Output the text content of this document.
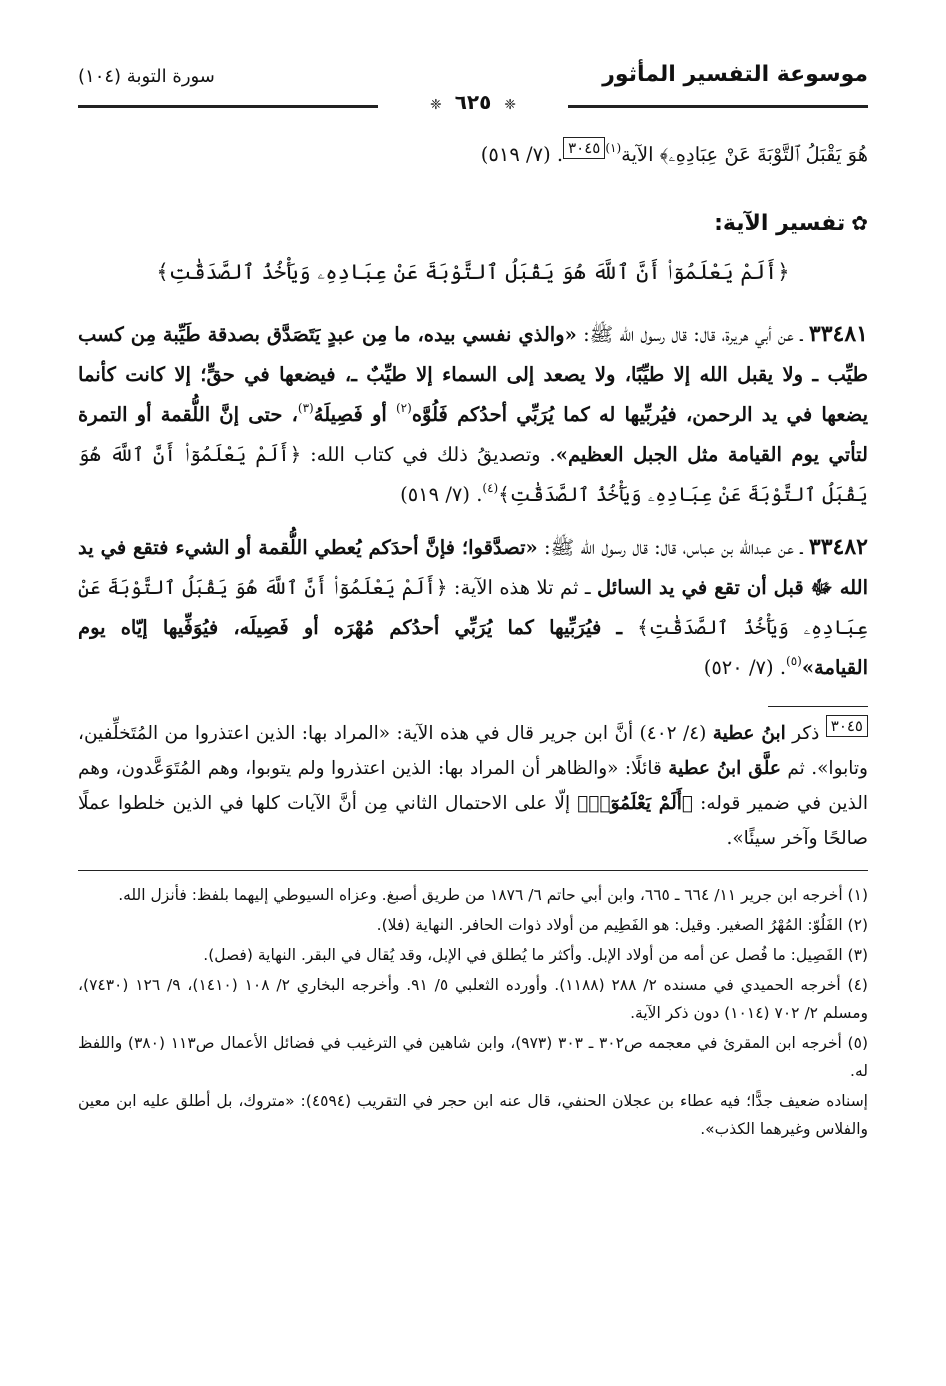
موسوعة التفسير المأثور
سورة التوبة (١٠٤)
❈ ٦٢٥ ❈

هُوَ يَقْبَلُ ٱلتَّوْبَةَ عَنْ عِبَادِهِۦ﴾ الآية$^{(١)}$٣٠٤٥. (٧/ ٥١٩)

✿تفسير الآية:
﴿أَلَمْ يَعْلَمُوٓا۟ أَنَّ ٱللَّهَ هُوَ يَقْبَلُ ٱلتَّوْبَةَ عَنْ عِبَادِهِۦ وَيَأْخُذُ ٱلصَّدَقَٰتِ﴾

٣٣٤٨١ ـ عن أبي هريرة، قال: قال رسول الله ﷺ: «والذي نفسي بيده، ما مِن عبدٍ يَتَصَدَّق بصدقة طَيِّبة مِن كسب طيِّب ـ ولا يقبل الله إلا طيِّبًا، ولا يصعد إلى السماء إلا طيِّبٌ ـ، فيضعها في حقٍّ؛ إلا كانت كأنما يضعها في يد الرحمن، فيُربِّيها له كما يُرَبِّي أحدُكم فَلُوَّه$^{(٢)}$ أو فَصِيلَهُ$^{(٣)}$، حتى إنَّ اللُّقمة أو التمرة لتأتي يوم القيامة مثل الجبل العظيم». وتصديقُ ذلك في كتاب الله: ﴿أَلَمْ يَعْلَمُوٓا۟ أَنَّ ٱللَّهَ هُوَ يَقْبَلُ ٱلتَّوْبَةَ عَنْ عِبَادِهِۦ وَيَأْخُذُ ٱلصَّدَقَٰتِ﴾$^{(٤)}$. (٧/ ٥١٩)

٣٣٤٨٢ ـ عن عبدالله بن عباس، قال: قال رسول الله ﷺ: «تصدَّقوا؛ فإنَّ أحدَكم يُعطي اللُّقمة أو الشيء فتقع في يد الله ﷻ قبل أن تقع في يد السائل ـ ثم تلا هذه الآية: ﴿أَلَمْ يَعْلَمُوٓا۟ أَنَّ ٱللَّهَ هُوَ يَقْبَلُ ٱلتَّوْبَةَ عَنْ عِبَادِهِۦ وَيَأْخُذُ ٱلصَّدَقَٰتِ﴾ ـ فيُرَبِّيها كما يُرَبِّي أحدُكم مُهْرَه أو فَصِيلَه، فيُوَفِّيها إيّاه يوم القيامة»$^{(٥)}$. (٧/ ٥٢٠)

٣٠٤٥ ذكر ابنُ عطية (٤/ ٤٠٢) أنَّ ابن جرير قال في هذه الآية: «المراد بها: الذين اعتذروا من المُتَخلِّفين، وتابوا». ثم علَّق ابنُ عطية قائلًا: «والظاهر أن المراد بها: الذين اعتذروا ولم يتوبوا، وهم المُتَوَعَّدون، وهم الذين في ضمير قوله: ﴿أَلَمْ يَعْلَمُوٓا۟﴾ إلّا على الاحتمال الثاني مِن أنَّ الآيات كلها في الذين خلطوا عملًا صالحًا وآخر سيئًا».

(١) أخرجه ابن جرير ١١/ ٦٦٤ ـ ٦٦٥، وابن أبي حاتم ٦/ ١٨٧٦ من طريق أصبغ. وعزاه السيوطي إليهما بلفظ: فأنزل الله.

(٢) الفَلُوّ: المُهْرُ الصغير. وقيل: هو الفَطِيم من أولاد ذوات الحافر. النهاية (فلا).

(٣) الفَصِيل: ما فُصل عن أمه من أولاد الإبل. وأكثر ما يُطلق في الإبل، وقد يُقال في البقر. النهاية (فصل).

(٤) أخرجه الحميدي في مسنده ٢/ ٢٨٨ (١١٨٨). وأورده الثعلبي ٥/ ٩١. وأخرجه البخاري ٢/ ١٠٨ (١٤١٠)، ٩/ ١٢٦ (٧٤٣٠)، ومسلم ٢/ ٧٠٢ (١٠١٤) دون ذكر الآية.

(٥) أخرجه ابن المقرئ في معجمه ص٣٠٢ ـ ٣٠٣ (٩٧٣)، وابن شاهين في الترغيب في فضائل الأعمال ص١١٣ (٣٨٠) واللفظ له.

إسناده ضعيف جدًّا؛ فيه عطاء بن عجلان الحنفي، قال عنه ابن حجر في التقريب (٤٥٩٤): «متروك، بل أطلق عليه ابن معين والفلاس وغيرهما الكذب».
